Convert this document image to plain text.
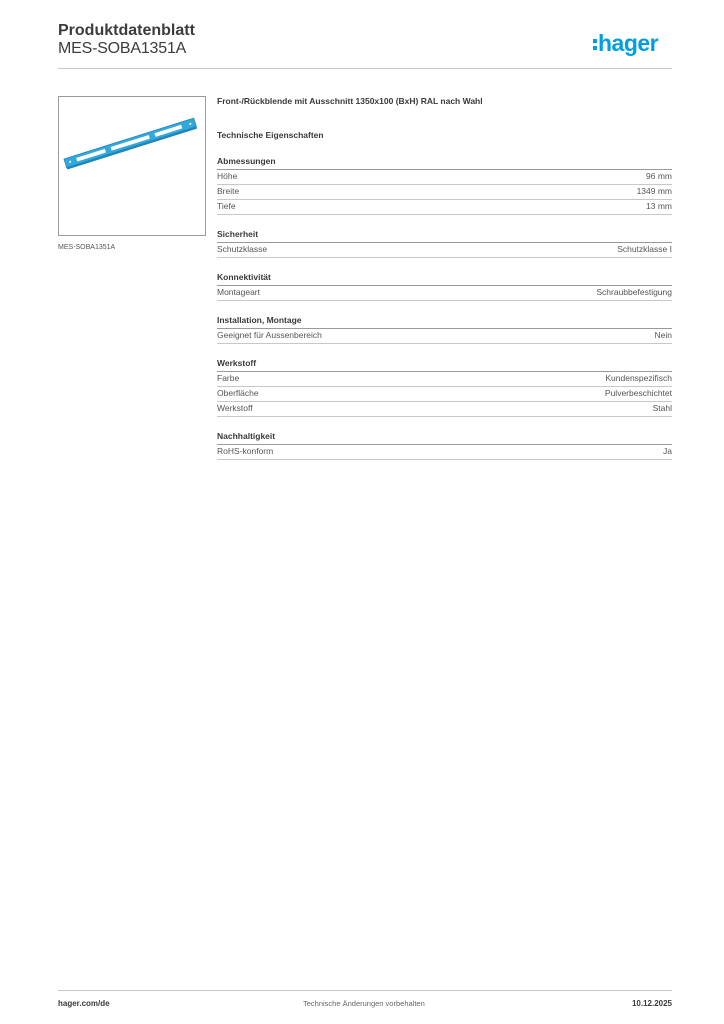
Produktdatenblatt
MES-SOBA1351A	hager
MES-SOBA1351A
Front-/Rückblende mit Ausschnitt 1350x100 (BxH) RAL nach Wahl
Technische Eigenschaften
Abmessungen
Höhe	96 mm
Breite	1349 mm
Tiefe	13 mm
Sicherheit
Schutzklasse	Schutzklasse I
Konnektivität
Montageart	Schraubbefestigung
Installation, Montage
Geeignet für Aussenbereich	Nein
Werkstoff
Farbe	Kundenspezifisch
Oberfläche	Pulverbeschichtet
Werkstoff	Stahl
Nachhaltigkeit
RoHS-konform	Ja
hager.com/de	Technische Änderungen vorbehalten	10.12.2025
